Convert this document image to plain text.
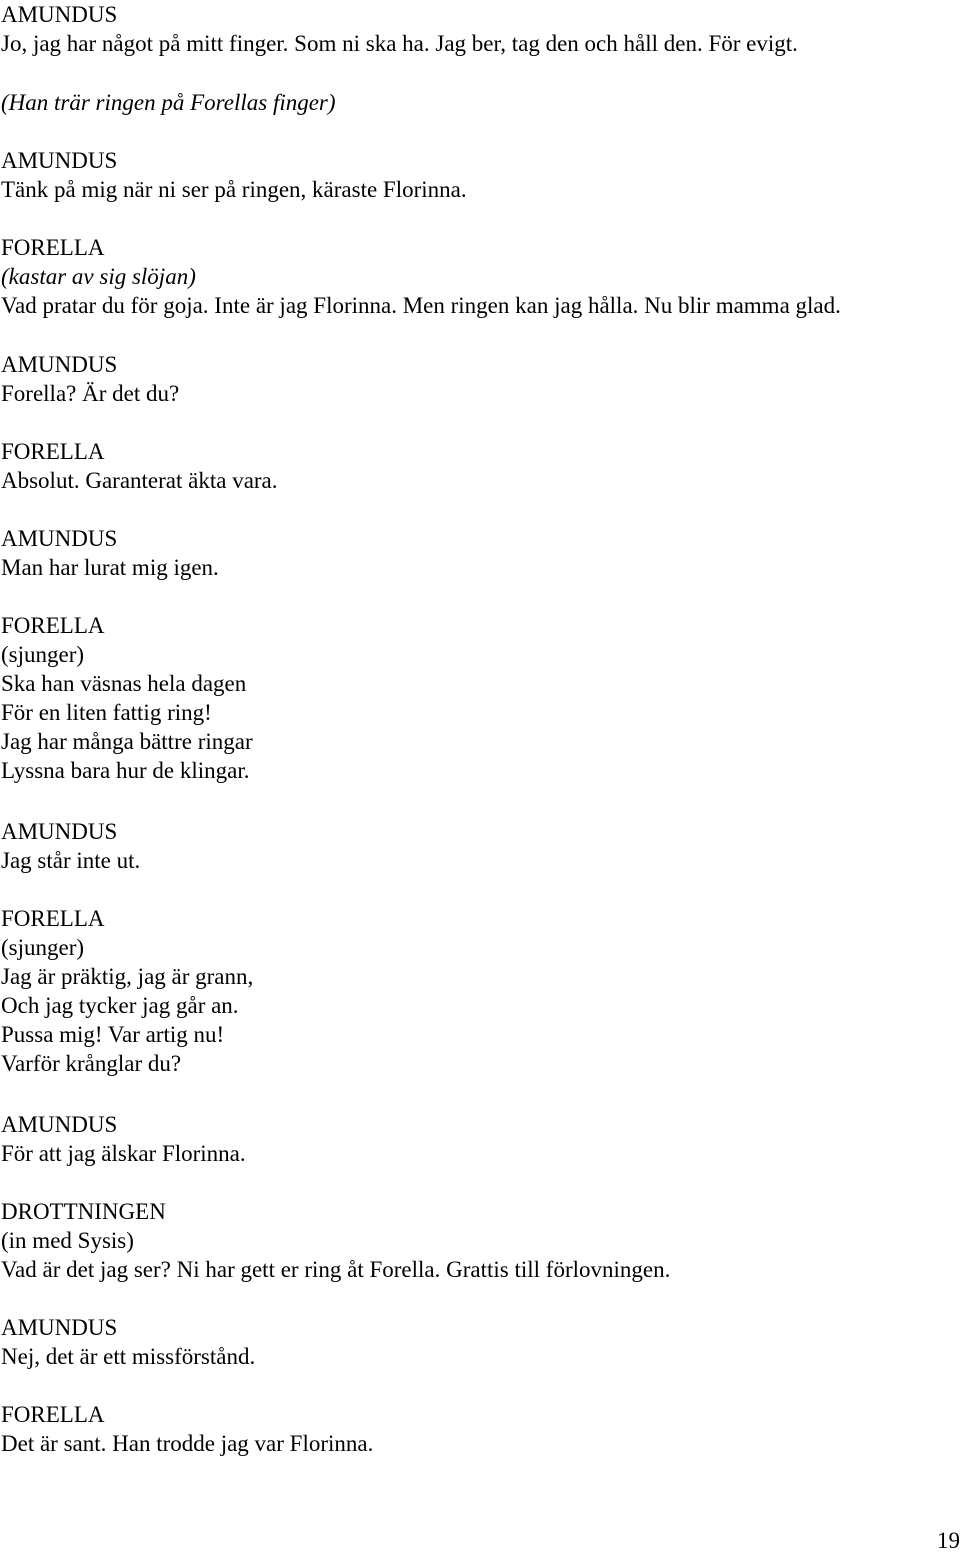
AMUNDUS
Jo, jag har något på mitt finger. Som ni ska ha. Jag ber, tag den och håll den. För evigt.
(Han trär ringen på Forellas finger)
AMUNDUS
Tänk på mig när ni ser på ringen, käraste Florinna.
FORELLA
(kastar av sig slöjan)
Vad pratar du för goja. Inte är jag Florinna. Men ringen kan jag hålla. Nu blir mamma glad.
AMUNDUS
Forella? Är det du?
FORELLA
Absolut. Garanterat äkta vara.
AMUNDUS
Man har lurat mig igen.
FORELLA
(sjunger)
Ska han väsnas hela dagen
För en liten fattig ring!
Jag har många bättre ringar
Lyssna bara hur de klingar.
AMUNDUS
Jag står inte ut.
FORELLA
(sjunger)
Jag är präktig, jag är grann,
Och jag tycker jag går an.
Pussa mig! Var artig nu!
Varför krånglar du?
AMUNDUS
För att jag älskar Florinna.
DROTTNINGEN
(in med Sysis)
Vad är det jag ser? Ni har gett er ring åt Forella. Grattis till förlovningen.
AMUNDUS
Nej, det är ett missförstånd.
FORELLA
Det är sant. Han trodde jag var Florinna.
19
